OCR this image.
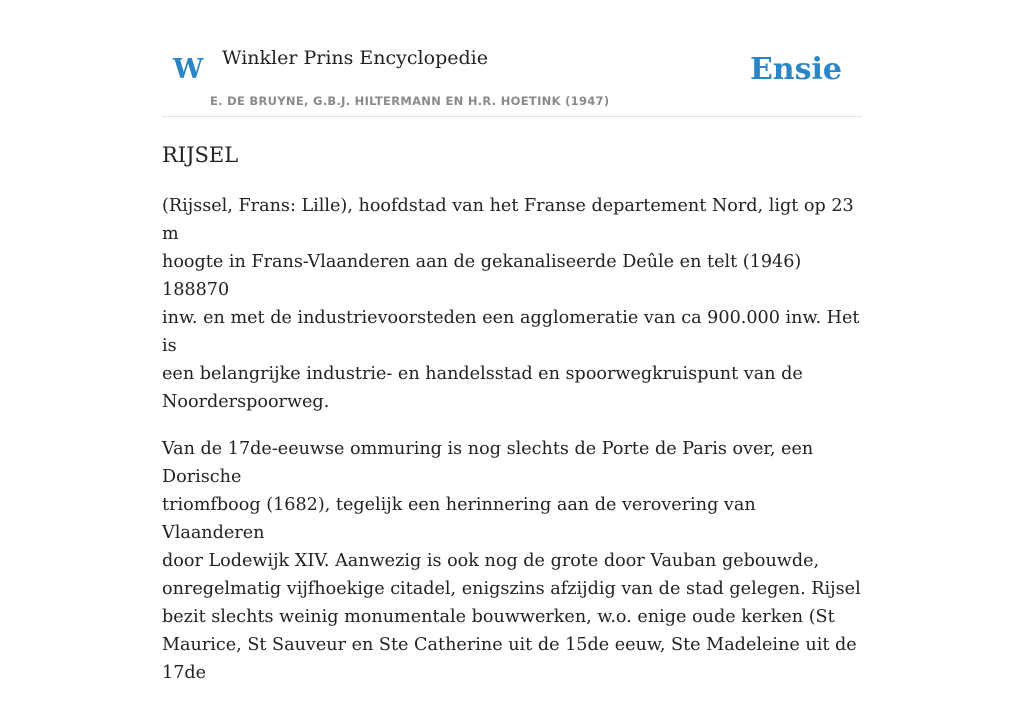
W Winkler Prins Encyclopedie
E. DE BRUYNE, G.B.J. HILTERMANN EN H.R. HOETINK (1947)
Ensie
RIJSEL

(Rijssel, Frans: Lille), hoofdstad van het Franse departement Nord, ligt op 23 m
hoogte in Frans-Vlaanderen aan de gekanaliseerde Deûle en telt (1946) 188870
inw. en met de industrievoorsteden een agglomeratie van ca 900.000 inw. Het is
een belangrijke industrie- en handelsstad en spoorwegkruispunt van de
Noorderspoorweg.

Van de 17de-eeuwse ommuring is nog slechts de Porte de Paris over, een Dorische
triomfboog (1682), tegelijk een herinnering aan de verovering van Vlaanderen
door Lodewijk XIV. Aanwezig is ook nog de grote door Vauban gebouwde,
onregelmatig vijfhoekige citadel, enigszins afzijdig van de stad gelegen. Rijsel
bezit slechts weinig monumentale bouwwerken, w.o. enige oude kerken (St
Maurice, St Sauveur en Ste Catherine uit de 15de eeuw, Ste Madeleine uit de 17de
